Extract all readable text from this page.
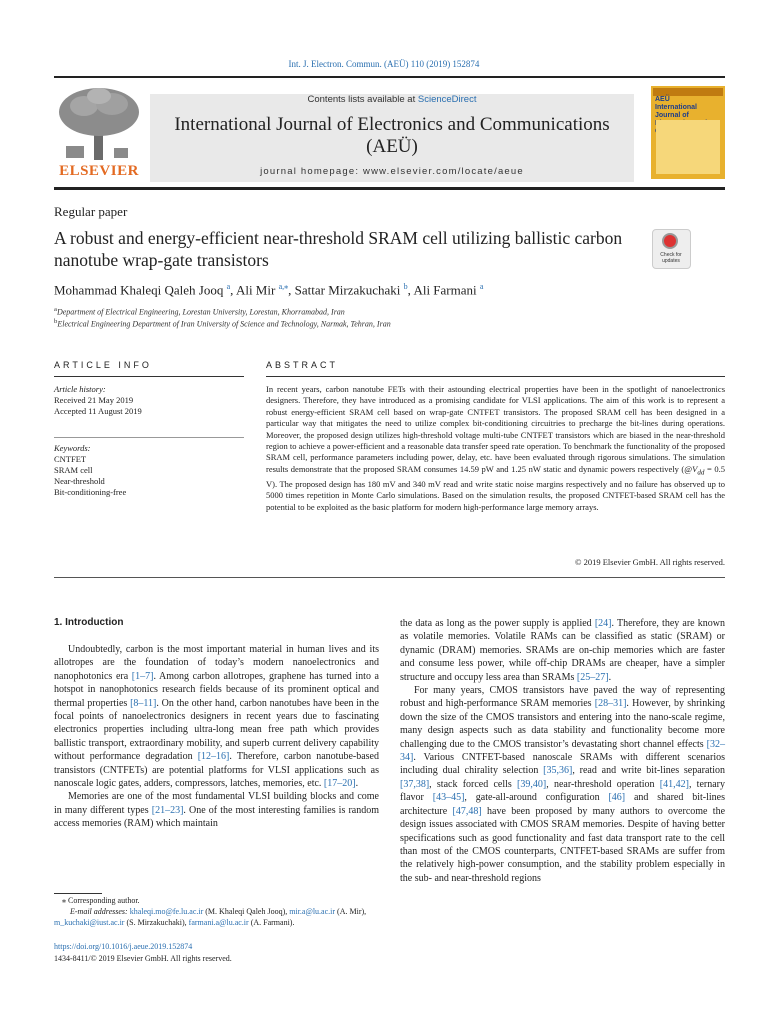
Int. J. Electron. Commun. (AEÜ) 110 (2019) 152874
ELSEVIER
Contents lists available at ScienceDirect
International Journal of Electronics and Communications (AEÜ)
journal homepage: www.elsevier.com/locate/aeue
AEÜ
International Journal of
Regular paper
A robust and energy-efficient near-threshold SRAM cell utilizing ballistic carbon nanotube wrap-gate transistors	Check for updates
Mohammad Khaleqi Qaleh Jooq $^a$, Ali Mir $^{a,⁎}$, Sattar Mirzakuchaki $^b$, Ali Farmani $^a$
$^a$Department of Electrical Engineering, Lorestan University, Lorestan, Khorramabad, Iran
$^b$Electrical Engineering Department of Iran University of Science and Technology, Narmak, Tehran, Iran
ARTICLE INFO	ABSTRACT
Article history:
Received 21 May 2019
Accepted 11 August 2019
Keywords:
CNTFET
SRAM cell
Near-threshold
Bit-conditioning-free
In recent years, carbon nanotube FETs with their astounding electrical properties have been in the spotlight of nanoelectronics designers. Therefore, they have introduced as a promising candidate for VLSI applications. The aim of this work is to represent a robust energy-efficient SRAM cell based on wrap-gate CNTFET transistors. The proposed SRAM cell has been designed in a particular way that mitigates the need to utilize complex bit-conditioning circuitries to precharge the bit-lines during operations. Moreover, the proposed design utilizes high-threshold voltage multi-tube CNTFET transistors which are biased in the near-threshold region to achieve a power-efficient and a reasonable data transfer speed rate operation. To benchmark the functionality of the proposed SRAM cell, performance parameters including power, delay, etc. have been evaluated through rigorous simulations. The simulation results demonstrate that the proposed SRAM consumes 14.59 pW and 1.25 nW static and dynamic powers respectively ($@V_{dd} = 0.5$ V). The proposed design has 180 mV and 340 mV read and write static noise margins respectively and no failure has observed up to 5000 times repetition in Monte Carlo simulations. Based on the simulation results, the proposed CNTFET-based SRAM cell has the potential to be exploited as the basic platform for modern high-performance large memory arrays.
© 2019 Elsevier GmbH. All rights reserved.
1. Introduction
Undoubtedly, carbon is the most important material in human lives and its allotropes are the foundation of today’s modern nanoelectronics and nanophotonics era [1–7]. Among carbon allotropes, graphene has turned into a hotspot in nanophotonics research fields because of its prominent optical and thermal properties [8–11]. On the other hand, carbon nanotubes have been in the focal points of nanoelectronics designers in recent years due to fascinating electronics properties including ultra-long mean free path which provides ballistic transport, extraordinary mobility, and superb current delivery capability without performance degradation [12–16]. Therefore, carbon nanotube-based transistors (CNTFETs) are potential platforms for VLSI applications such as nanoscale logic gates, adders, compressors, latches, memories, etc. [17–20].
Memories are one of the most fundamental VLSI building blocks and come in many different types [21–23]. One of the most interesting families is random access memories (RAM) which maintain

the data as long as the power supply is applied [24]. Therefore, they are known as volatile memories. Volatile RAMs can be classified as static (SRAM) or dynamic (DRAM) memories. SRAMs are on-chip memories which are faster and consume less power, while off-chip DRAMs are cheaper, have a simpler structure and occupy less area than SRAMs [25–27].

For many years, CMOS transistors have paved the way of representing robust and high-performance SRAM memories [28–31]. However, by shrinking down the size of the CMOS transistors and entering into the nano-scale regime, many design aspects such as data stability and functionality become more challenging due to the CMOS transistor’s devastating short channel effects [32–34]. Various CNTFET-based nanoscale SRAMs with different scenarios including dual chirality selection [35,36], read and write bit-lines separation [37,38], stack forced cells [39,40], near-threshold operation [41,42], ternary flavor [43–45], gate-all-around configuration [46] and shared bit-lines architecture [47,48] have been proposed by many authors to overcome the design issues associated with CMOS SRAM memories. Despite of having better specifications such as good functionality and fast data transport rate to the cell than most of the CMOS counterparts, CNTFET-based SRAMs are suffer from the relatively high-power consumption, and the stability problem especially in the sub- and near-threshold regions

⁎ Corresponding author.
E-mail addresses: khaleqi.mo@fe.lu.ac.ir (M. Khaleqi Qaleh Jooq), mir.a@lu.ac.ir (A. Mir), m_kuchaki@iust.ac.ir (S. Mirzakuchaki), farmani.a@lu.ac.ir (A. Farmani).
https://doi.org/10.1016/j.aeue.2019.152874
1434-8411/© 2019 Elsevier GmbH. All rights reserved.
